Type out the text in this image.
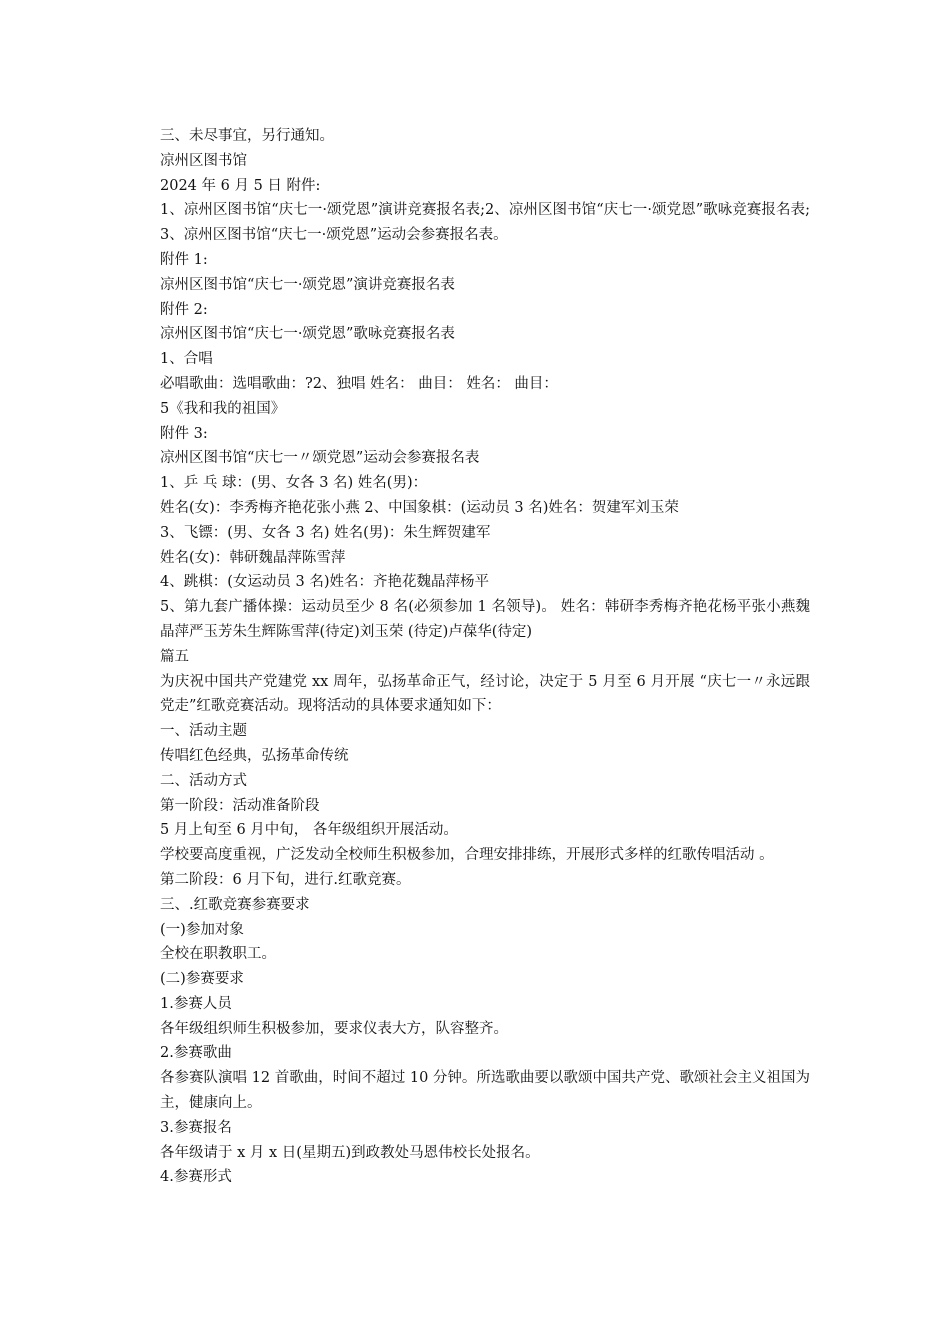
三、未尽事宜，另行通知。

凉州区图书馆

2024 年 6 月 5 日 附件:

1、凉州区图书馆“庆七一·颂党恩”演讲竞赛报名表;2、凉州区图书馆“庆七一·颂党恩”歌咏竞赛报名表;3、凉州区图书馆“庆七一·颂党恩”运动会参赛报名表。

附件 1:

凉州区图书馆“庆七一·颂党恩”演讲竞赛报名表

附件 2:

凉州区图书馆“庆七一·颂党恩”歌咏竞赛报名表

1、合唱

必唱歌曲：选唱歌曲：?2、独唱 姓名： 曲目： 姓名： 曲目：

5《我和我的祖国》

附件 3:

凉州区图书馆“庆七一〃颂党恩”运动会参赛报名表

1、乒 乓 球：(男、女各 3 名) 姓名(男)：

姓名(女)：李秀梅齐艳花张小燕 2、中国象棋：(运动员 3 名)姓名：贺建军刘玉荣

3、飞镖：(男、女各 3 名) 姓名(男)：朱生辉贺建军

姓名(女)：韩研魏晶萍陈雪萍

4、跳棋：(女运动员 3 名)姓名：齐艳花魏晶萍杨平

5、第九套广播体操：运动员至少 8 名(必须参加 1 名领导)。 姓名：韩研李秀梅齐艳花杨平张小燕魏晶萍严玉芳朱生辉陈雪萍(待定)刘玉荣 (待定)卢葆华(待定)

篇五

为庆祝中国共产党建党 xx 周年，弘扬革命正气，经讨论，决定于 5 月至 6 月开展 “庆七一〃永远跟党走”红歌竞赛活动。现将活动的具体要求通知如下：

一、活动主题

传唱红色经典，弘扬革命传统

二、活动方式

第一阶段：活动准备阶段

5 月上旬至 6 月中旬， 各年级组织开展活动。

学校要高度重视，广泛发动全校师生积极参加，合理安排排练，开展形式多样的红歌传唱活动 。

第二阶段：6 月下旬，进行.红歌竞赛。

三、.红歌竞赛参赛要求

(一)参加对象

全校在职教职工。

(二)参赛要求

1.参赛人员

各年级组织师生积极参加，要求仪表大方，队容整齐。

2.参赛歌曲

各参赛队演唱 12 首歌曲，时间不超过 10 分钟。所选歌曲要以歌颂中国共产党、歌颂社会主义祖国为主，健康向上。

3.参赛报名

各年级请于 x 月 x 日(星期五)到政教处马恩伟校长处报名。

4.参赛形式
